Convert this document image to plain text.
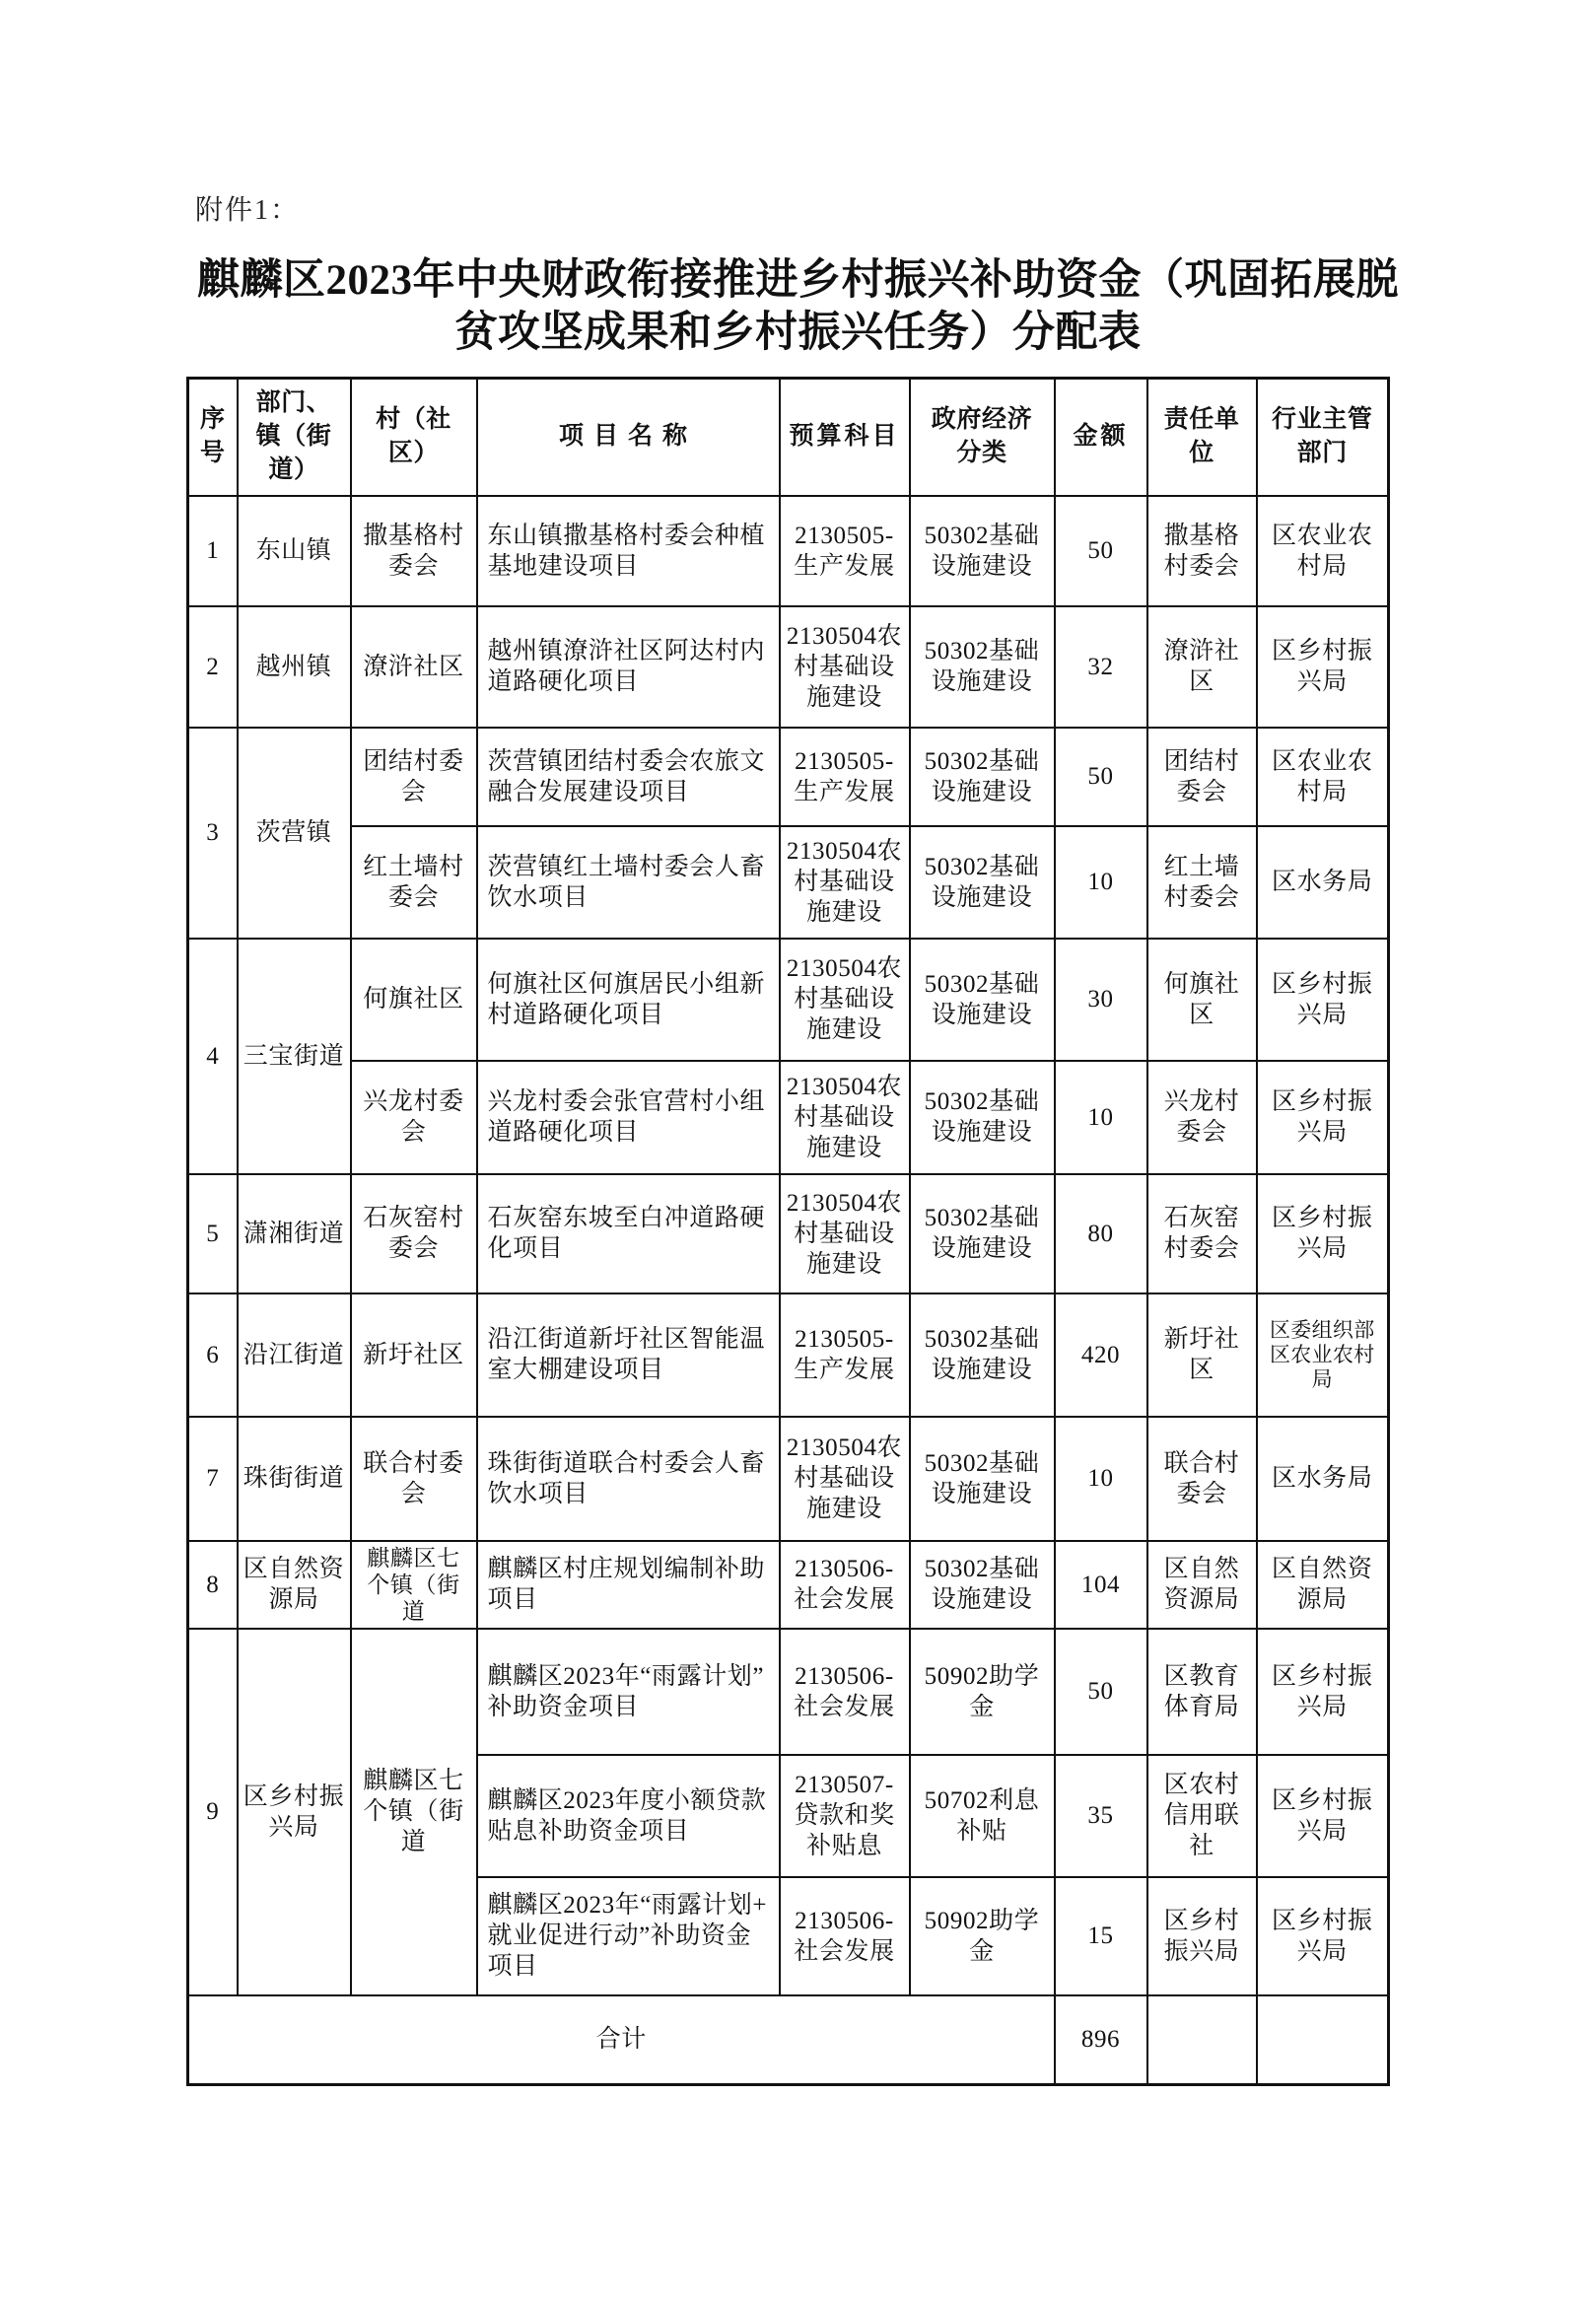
附件1：
麒麟区2023年中央财政衔接推进乡村振兴补助资金（巩固拓展脱
贫攻坚成果和乡村振兴任务）分配表
序号	部门、镇（街道）	村（社区）	项目名称	预算科目	政府经济分类	金额	责任单位	行业主管部门
1	东山镇	撒基格村委会	东山镇撒基格村委会种植基地建设项目	2130505-生产发展	50302基础设施建设	50	撒基格村委会	区农业农村局
2	越州镇	潦浒社区	越州镇潦浒社区阿达村内道路硬化项目	2130504农村基础设施建设	50302基础设施建设	32	潦浒社区	区乡村振兴局
3	茨营镇	团结村委会	茨营镇团结村委会农旅文融合发展建设项目	2130505-生产发展	50302基础设施建设	50	团结村委会	区农业农村局
		红土墙村委会	茨营镇红土墙村委会人畜饮水项目	2130504农村基础设施建设	50302基础设施建设	10	红土墙村委会	区水务局
4	三宝街道	何旗社区	何旗社区何旗居民小组新村道路硬化项目	2130504农村基础设施建设	50302基础设施建设	30	何旗社区	区乡村振兴局
		兴龙村委会	兴龙村委会张官营村小组道路硬化项目	2130504农村基础设施建设	50302基础设施建设	10	兴龙村委会	区乡村振兴局
5	潇湘街道	石灰窑村委会	石灰窑东坡至白冲道路硬化项目	2130504农村基础设施建设	50302基础设施建设	80	石灰窑村委会	区乡村振兴局
6	沿江街道	新圩社区	沿江街道新圩社区智能温室大棚建设项目	2130505-生产发展	50302基础设施建设	420	新圩社区	区委组织部区农业农村局
7	珠街街道	联合村委会	珠街街道联合村委会人畜饮水项目	2130504农村基础设施建设	50302基础设施建设	10	联合村委会	区水务局
8	区自然资源局	麒麟区七个镇（街道	麒麟区村庄规划编制补助项目	2130506-社会发展	50302基础设施建设	104	区自然资源局	区自然资源局
9	区乡村振兴局	麒麟区七个镇（街道	麒麟区2023年“雨露计划”补助资金项目	2130506-社会发展	50902助学金	50	区教育体育局	区乡村振兴局
			麒麟区2023年度小额贷款贴息补助资金项目	2130507-贷款和奖补贴息	50702利息补贴	35	区农村信用联社	区乡村振兴局
			麒麟区2023年“雨露计划+就业促进行动”补助资金项目	2130506-社会发展	50902助学金	15	区乡村振兴局	区乡村振兴局
合计						896		
